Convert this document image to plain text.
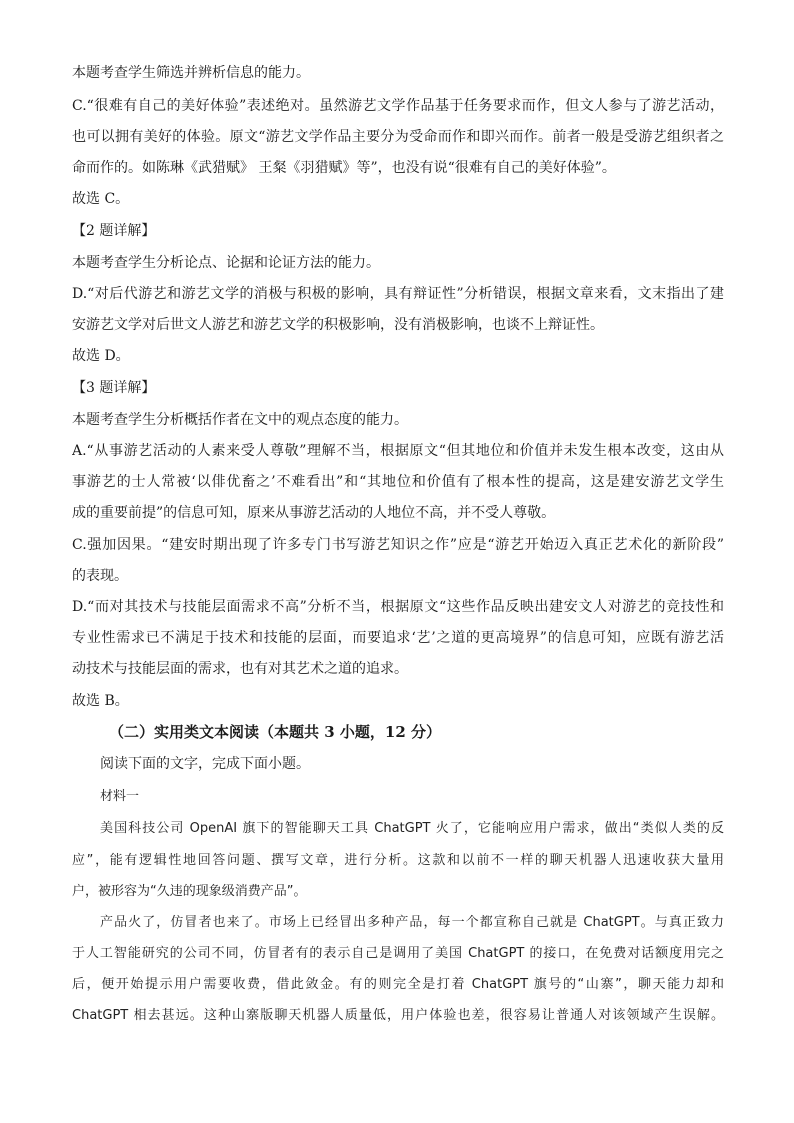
本题考查学生筛选并辨析信息的能力。
C.“很难有自己的美好体验”表述绝对。虽然游艺文学作品基于任务要求而作，但文人参与了游艺活动，
也可以拥有美好的体验。原文“游艺文学作品主要分为受命而作和即兴而作。前者一般是受游艺组织者之
命而作的。如陈琳《武猎赋》 王粲《羽猎赋》等”，也没有说“很难有自己的美好体验”。
故选 C。
【2 题详解】
本题考查学生分析论点、论据和论证方法的能力。
D.“对后代游艺和游艺文学的消极与积极的影响，具有辩证性”分析错误，根据文章来看，文末指出了建
安游艺文学对后世文人游艺和游艺文学的积极影响，没有消极影响，也谈不上辩证性。
故选 D。
【3 题详解】
本题考查学生分析概括作者在文中的观点态度的能力。
A.“从事游艺活动的人素来受人尊敬”理解不当，根据原文“但其地位和价值并未发生根本改变，这由从
事游艺的士人常被‘以俳优畜之’不难看出”和“其地位和价值有了根本性的提高，这是建安游艺文学生
成的重要前提”的信息可知，原来从事游艺活动的人地位不高，并不受人尊敬。
C.强加因果。“建安时期出现了许多专门书写游艺知识之作”应是“游艺开始迈入真正艺术化的新阶段”
的表现。
D.“而对其技术与技能层面需求不高”分析不当，根据原文“这些作品反映出建安文人对游艺的竞技性和
专业性需求已不满足于技术和技能的层面，而要追求‘艺’之道的更高境界”的信息可知，应既有游艺活
动技术与技能层面的需求，也有对其艺术之道的追求。
故选 B。
（二）实用类文本阅读（本题共 3 小题，12 分）
阅读下面的文字，完成下面小题。
材料一
美国科技公司 OpenAI 旗下的智能聊天工具 ChatGPT 火了，它能响应用户需求，做出“类似人类的反
应”，能有逻辑性地回答问题、撰写文章，进行分析。这款和以前不一样的聊天机器人迅速收获大量用
户，被形容为“久违的现象级消费产品”。
产品火了，仿冒者也来了。市场上已经冒出多种产品，每一个都宣称自己就是 ChatGPT。与真正致力
于人工智能研究的公司不同，仿冒者有的表示自己是调用了美国 ChatGPT 的接口，在免费对话额度用完之
后，便开始提示用户需要收费，借此敛金。有的则完全是打着 ChatGPT 旗号的“山寨”，聊天能力却和
ChatGPT 相去甚远。这种山寨版聊天机器人质量低，用户体验也差，很容易让普通人对该领域产生误解。
